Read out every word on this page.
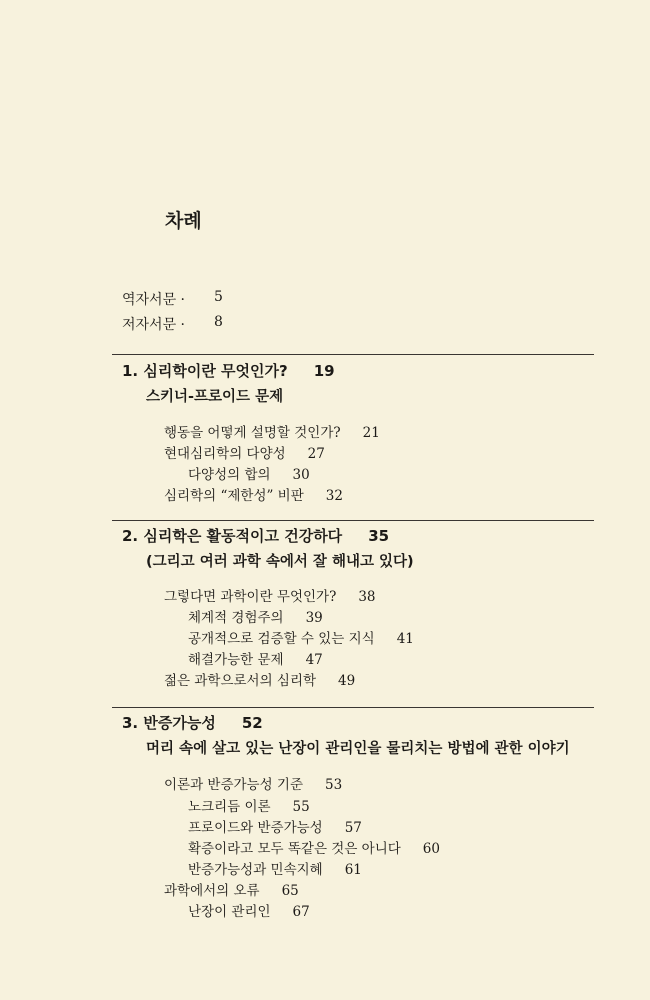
차례
역자서문 · 5
저자서문 · 8
1. 심리학이란 무엇인가? 19
스키너-프로이드 문제
행동을 어떻게 설명할 것인가? 21
현대심리학의 다양성 27
다양성의 합의 30
심리학의 “제한성” 비판 32
2. 심리학은 활동적이고 건강하다 35
(그리고 여러 과학 속에서 잘 해내고 있다)
그렇다면 과학이란 무엇인가? 38
체계적 경험주의 39
공개적으로 검증할 수 있는 지식 41
해결가능한 문제 47
젊은 과학으로서의 심리학 49
3. 반증가능성 52
머리 속에 살고 있는 난장이 관리인을 물리치는 방법에 관한 이야기
이론과 반증가능성 기준 53
노크리듬 이론 55
프로이드와 반증가능성 57
확증이라고 모두 똑같은 것은 아니다 60
반증가능성과 민속지혜 61
과학에서의 오류 65
난장이 관리인 67
